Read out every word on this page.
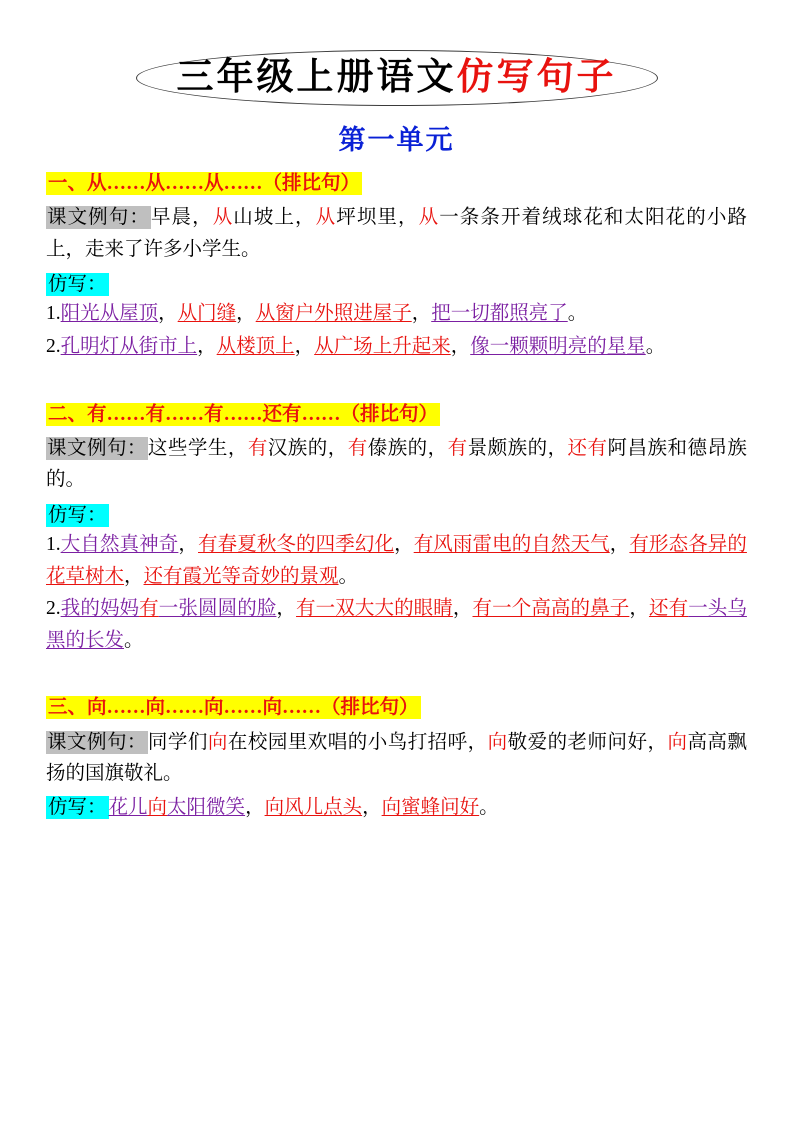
三年级上册语文仿写句子
第一单元
一、从……从……从……（排比句）
课文例句：早晨，从山坡上，从坪坝里，从一条条开着绒球花和太阳花的小路上，走来了许多小学生。
仿写：
1.阳光从屋顶，从门缝，从窗户外照进屋子，把一切都照亮了。
2.孔明灯从街市上，从楼顶上，从广场上升起来，像一颗颗明亮的星星。
二、有……有……有……还有……（排比句）
课文例句：这些学生，有汉族的，有傣族的，有景颇族的，还有阿昌族和德昂族的。
仿写：
1.大自然真神奇，有春夏秋冬的四季幻化，有风雨雷电的自然天气，有形态各异的花草树木，还有霞光等奇妙的景观。
2.我的妈妈有一张圆圆的脸，有一双大大的眼睛，有一个高高的鼻子，还有一头乌黑的长发。
三、向……向……向……向……（排比句）
课文例句：同学们向在校园里欢唱的小鸟打招呼，向敬爱的老师问好，向高高飘扬的国旗敬礼。
仿写： 花儿向太阳微笑，向风儿点头，向蜜蜂问好。
